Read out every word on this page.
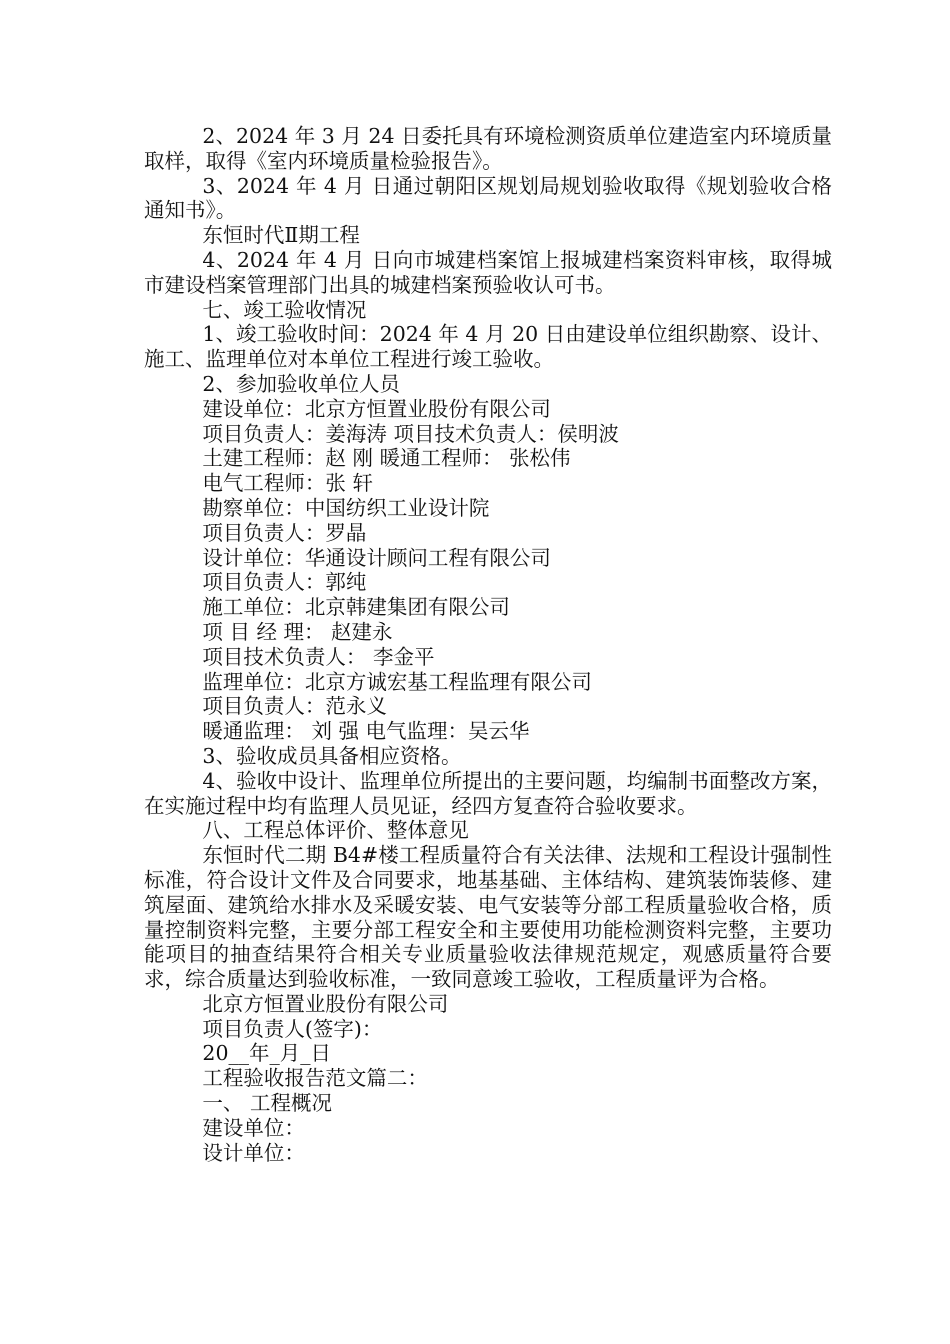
2、2024 年 3 月 24 日委托具有环境检测资质单位建造室内环境质量取样，取得《室内环境质量检验报告》。

3、2024 年 4 月 日通过朝阳区规划局规划验收取得《规划验收合格通知书》。

东恒时代Ⅱ期工程

4、2024 年 4 月 日向市城建档案馆上报城建档案资料审核，取得城市建设档案管理部门出具的城建档案预验收认可书。

七、竣工验收情况

1、竣工验收时间：2024 年 4 月 20 日由建设单位组织勘察、设计、施工、监理单位对本单位工程进行竣工验收。

2、参加验收单位人员

建设单位：北京方恒置业股份有限公司

项目负责人：姜海涛 项目技术负责人：侯明波

土建工程师：赵 刚 暖通工程师： 张松伟

电气工程师：张 轩

勘察单位：中国纺织工业设计院

项目负责人：罗晶

设计单位：华通设计顾问工程有限公司

项目负责人：郭纯

施工单位：北京韩建集团有限公司

项 目 经 理： 赵建永

项目技术负责人： 李金平

监理单位：北京方诚宏基工程监理有限公司

项目负责人：范永义

暖通监理： 刘 强 电气监理：吴云华

3、验收成员具备相应资格。

4、验收中设计、监理单位所提出的主要问题，均编制书面整改方案，在实施过程中均有监理人员见证，经四方复查符合验收要求。

八、工程总体评价、整体意见

东恒时代二期 B4#楼工程质量符合有关法律、法规和工程设计强制性标准，符合设计文件及合同要求，地基基础、主体结构、建筑装饰装修、建筑屋面、建筑给水排水及采暖安装、电气安装等分部工程质量验收合格，质量控制资料完整，主要分部工程安全和主要使用功能检测资料完整，主要功能项目的抽查结果符合相关专业质量验收法律规范规定，观感质量符合要求，综合质量达到验收标准，一致同意竣工验收，工程质量评为合格。

北京方恒置业股份有限公司

项目负责人(签字)：

20__年_月_日

工程验收报告范文篇二：

一、 工程概况

建设单位：

设计单位：
